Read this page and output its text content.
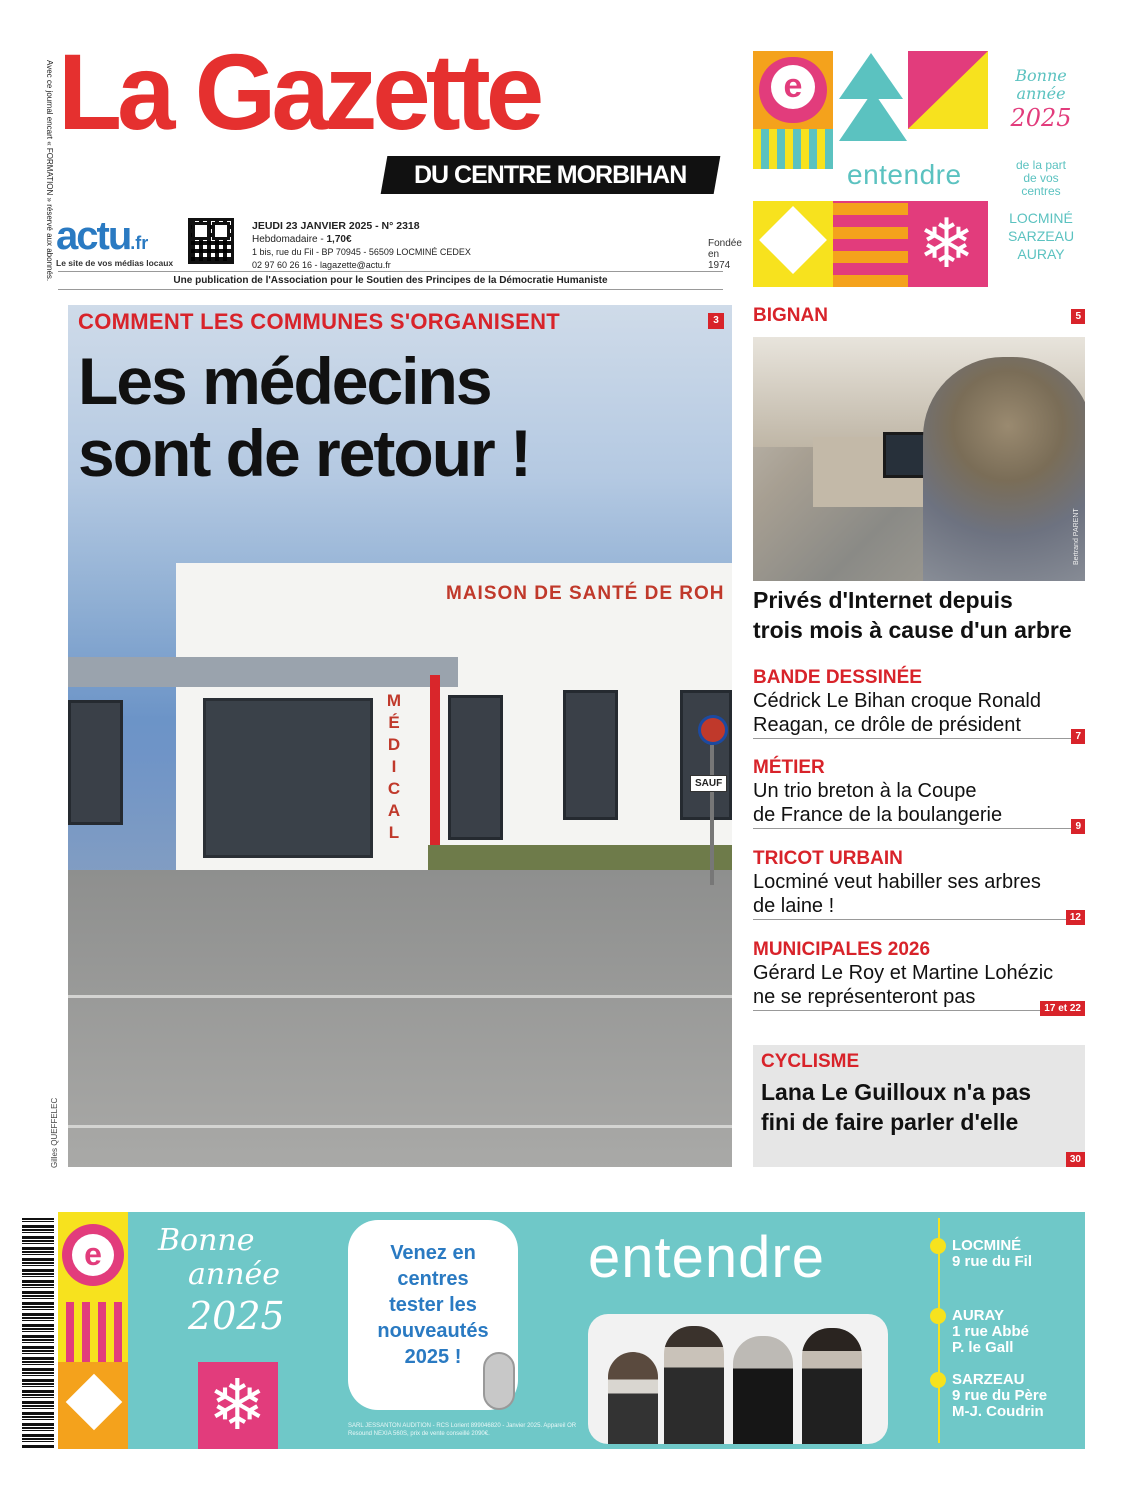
Avec ce journal encart « FORMATION » réservé aux abonnés. La Gazette
DU CENTRE MORBIHAN
Fondée en 1974
actu.fr
Le site de vos médias locaux
JEUDI 23 JANVIER 2025 - N° 2318
Hebdomadaire - 1,70€
1 bis, rue du Fil - BP 70945 - 56509 LOCMINÉ CEDEX
02 97 60 26 16 - lagazette@actu.fr
Une publication de l'Association pour le Soutien des Principes de la Démocratie Humaniste
e
entendre
❄
Bonne
année
2025
de la part
de vos
centres
LOCMINÉ
SARZEAU
AURAY
M
É
D
I
C
A
L
SAUF
MAISON DE SANTÉ DE ROH
COMMENT LES COMMUNES S'ORGANISENT	3
Les médecins
sont de retour !
Gilles QUEFFELEC
BIGNAN	5
Bertrand PARENT
Privés d'Internet depuis
trois mois à cause d'un arbre
BANDE DESSINÉE
Cédrick Le Bihan croque Ronald
Reagan, ce drôle de président
7
MÉTIER
Un trio breton à la Coupe
de France de la boulangerie
9
TRICOT URBAIN
Locminé veut habiller ses arbres
de laine !
12
MUNICIPALES 2026
Gérard Le Roy et Martine Lohézic
ne se représenteront pas
17 et 22
CYCLISME
Lana Le Guilloux n'a pas
fini de faire parler d'elle
30
e
❄
Bonne
année
2025
Venez en
centres
tester les
nouveautés
2025 !
SARL JESSANTON AUDITION - RCS Lorient 899046820 - Janvier 2025. Appareil OR Resound NEXIA 560S, prix de vente conseillé 2090€.
entendre	LOCMINÉ
9 rue du Fil
AURAY
1 rue Abbé
P. le Gall
SARZEAU
9 rue du Père
M-J. Coudrin
